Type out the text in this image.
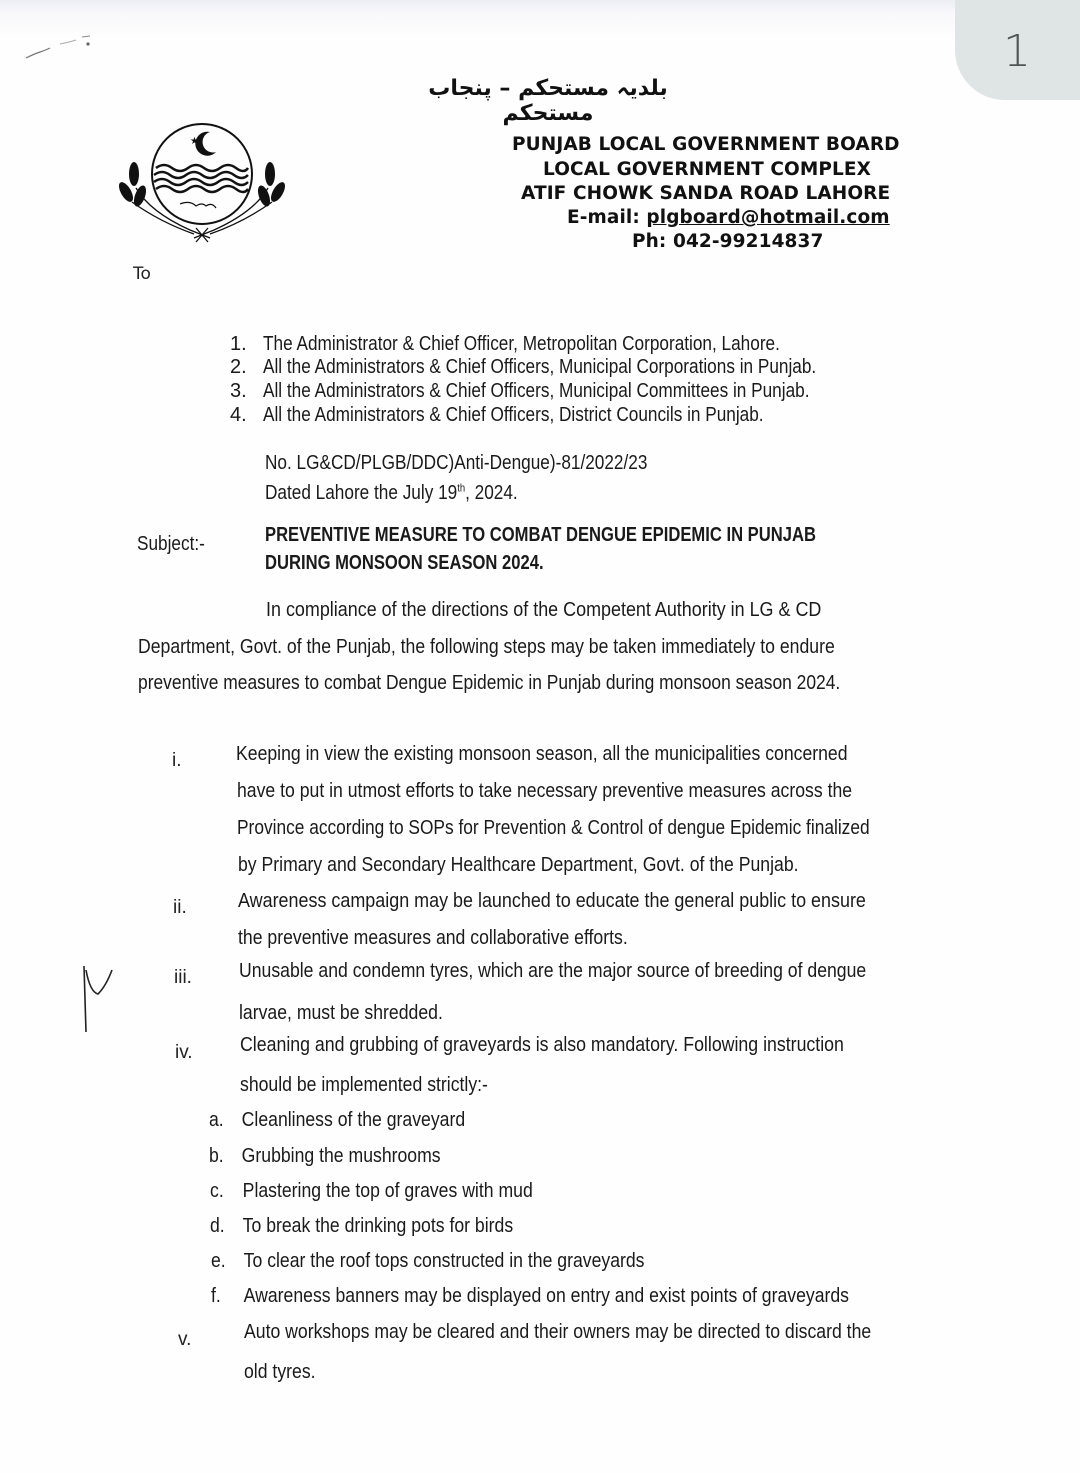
1
بلدیہ مستحکم – پنجاب مستحکم
★	PUNJAB LOCAL GOVERNMENT BOARD
LOCAL GOVERNMENT COMPLEX
ATIF CHOWK SANDA ROAD LAHORE
E-mail: plgboard@hotmail.com
Ph: 042-99214837
To
1. The Administrator & Chief Officer, Metropolitan Corporation, Lahore.
2. All the Administrators & Chief Officers, Municipal Corporations in Punjab.
3. All the Administrators & Chief Officers, Municipal Committees in Punjab.
4. All the Administrators & Chief Officers, District Councils in Punjab.
No. LG&CD/PLGB/DDC)Anti-Dengue)-81/2022/23
Dated Lahore the July 19th, 2024.
Subject:-	PREVENTIVE MEASURE TO COMBAT DENGUE EPIDEMIC IN PUNJAB
DURING MONSOON SEASON 2024.
In compliance of the directions of the Competent Authority in LG & CD
Department, Govt. of the Punjab, the following steps may be taken immediately to endure
preventive measures to combat Dengue Epidemic in Punjab during monsoon season 2024.
i.	Keeping in view the existing monsoon season, all the municipalities concerned
have to put in utmost efforts to take necessary preventive measures across the
Province according to SOPs for Prevention & Control of dengue Epidemic finalized
by Primary and Secondary Healthcare Department, Govt. of the Punjab.
ii.	Awareness campaign may be launched to educate the general public to ensure
the preventive measures and collaborative efforts.
iii. Unusable and condemn tyres, which are the major source of breeding of dengue
larvae, must be shredded.
iv. Cleaning and grubbing of graveyards is also mandatory. Following instruction
should be implemented strictly:-
a. Cleanliness of the graveyard
b. Grubbing the mushrooms
c. Plastering the top of graves with mud
d. To break the drinking pots for birds
e. To clear the roof tops constructed in the graveyards
f. Awareness banners may be displayed on entry and exist points of graveyards
v.	Auto workshops may be cleared and their owners may be directed to discard the
old tyres.
